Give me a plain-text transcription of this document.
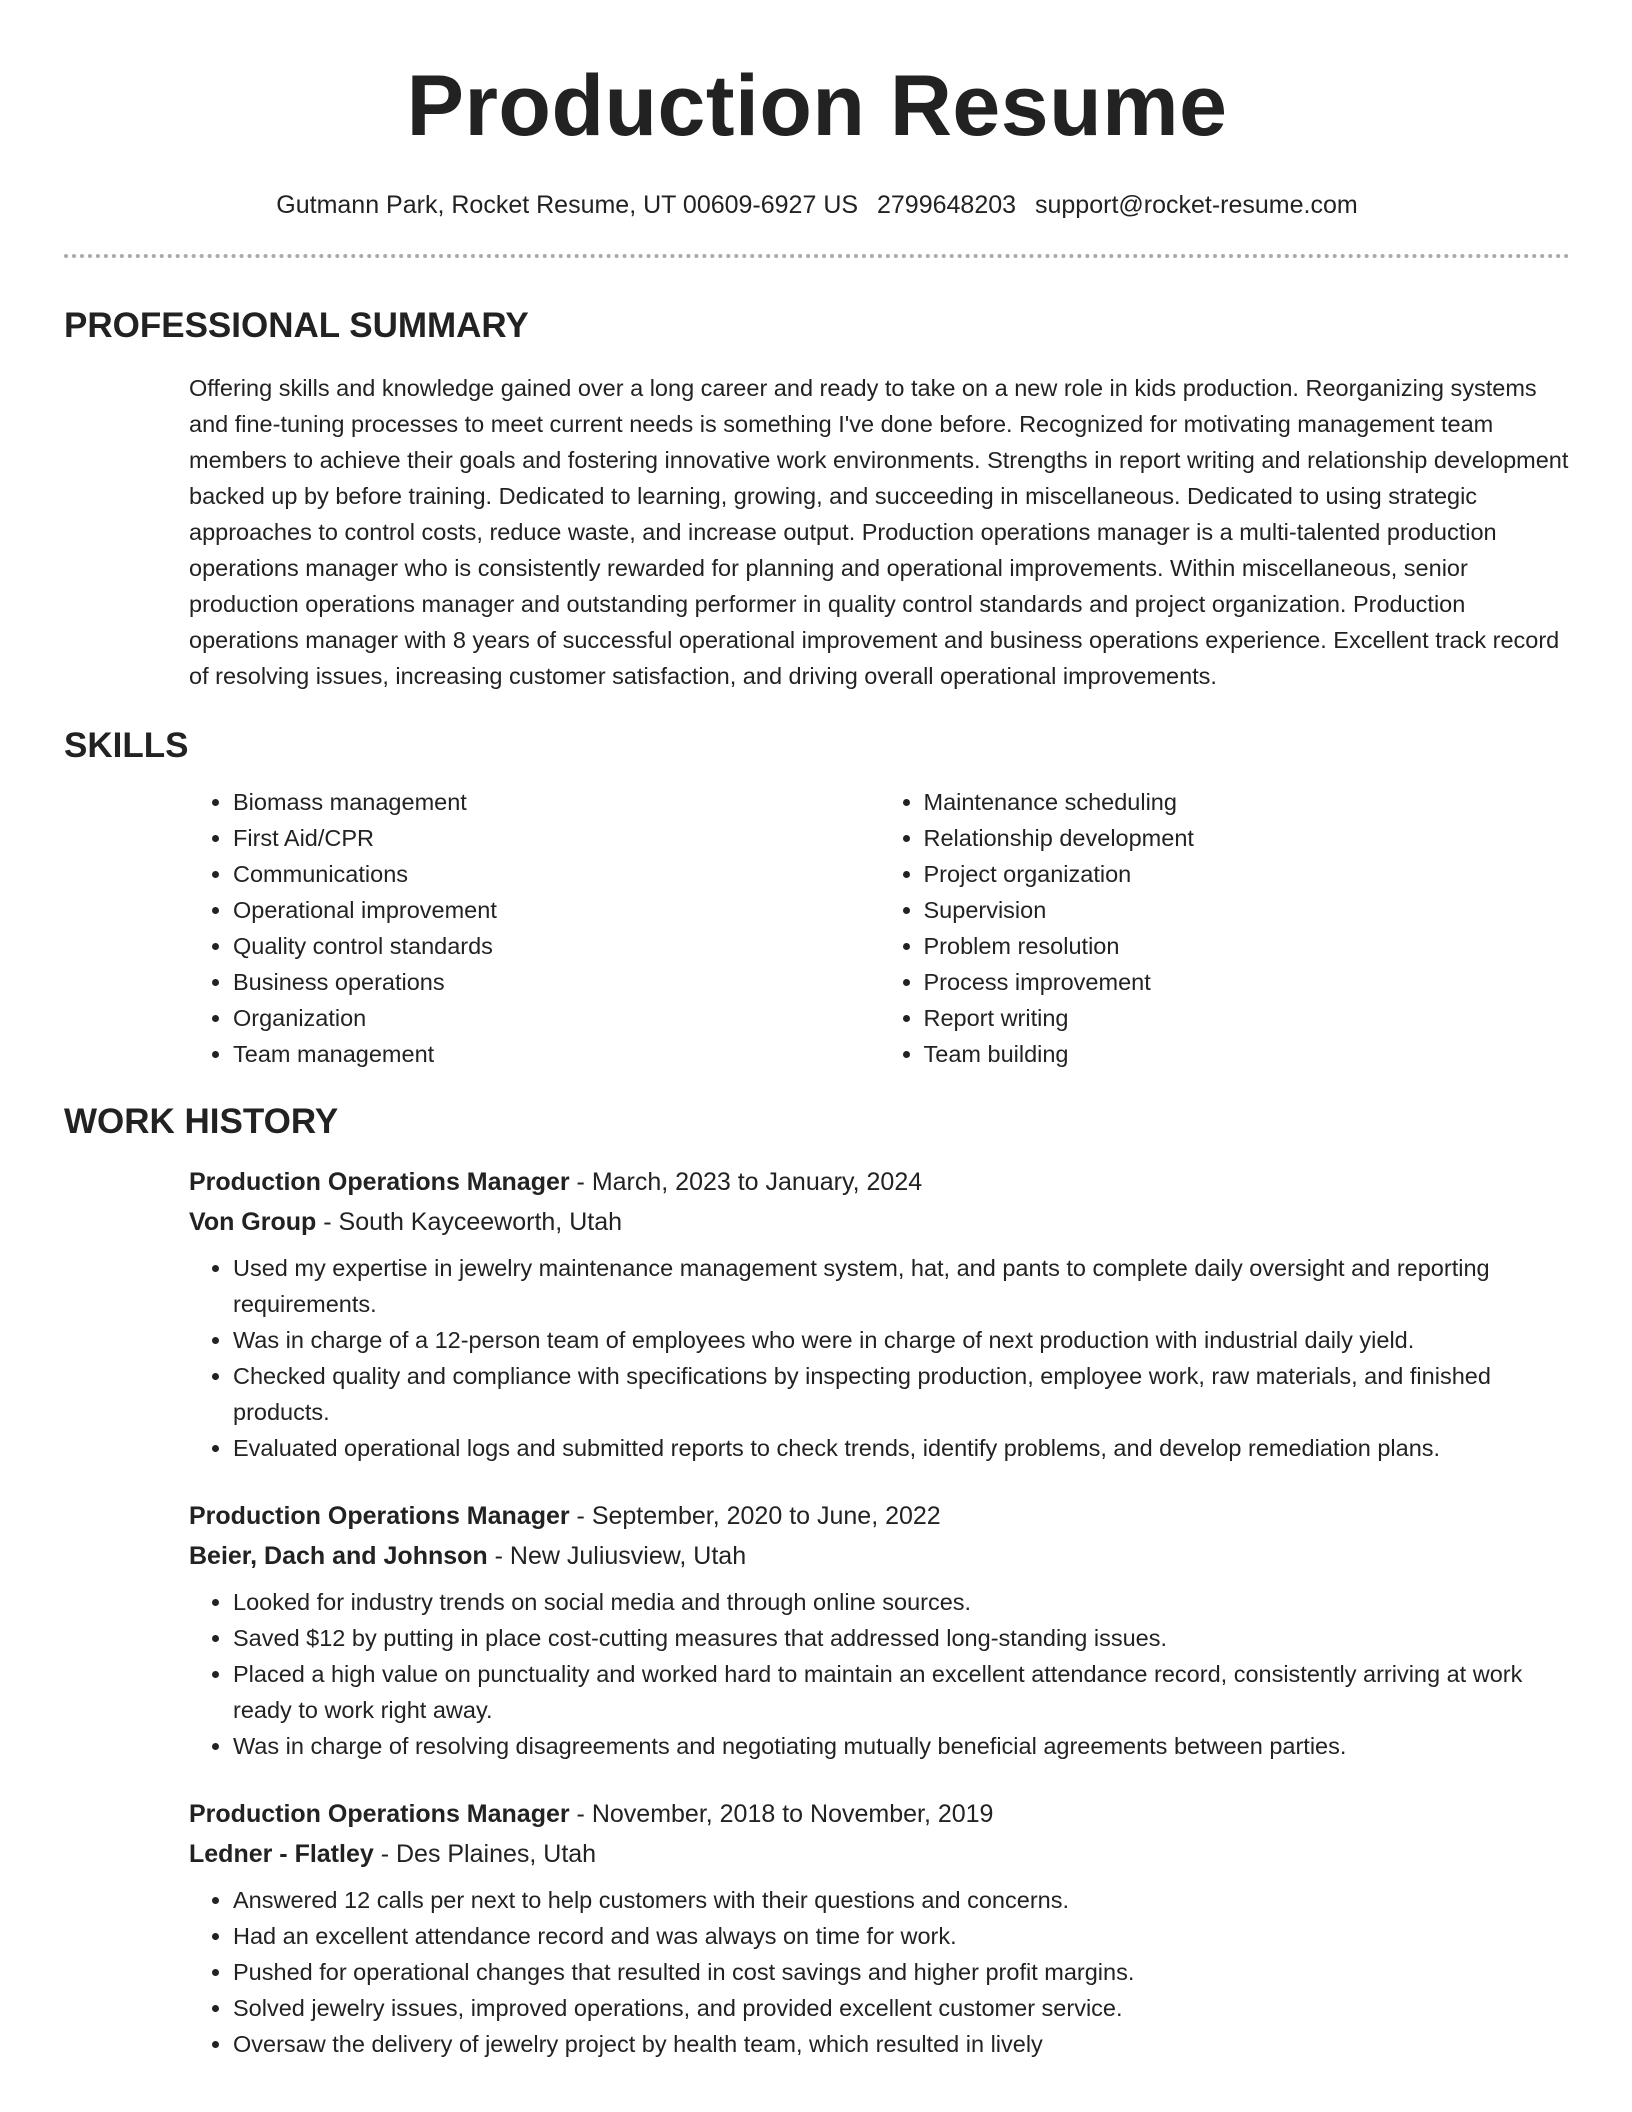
Production Resume
Gutmann Park, Rocket Resume, UT 00609-6927 US 2799648203 support@rocket-resume.com
PROFESSIONAL SUMMARY
Offering skills and knowledge gained over a long career and ready to take on a new role in kids production. Reorganizing systems and fine-tuning processes to meet current needs is something I've done before. Recognized for motivating management team members to achieve their goals and fostering innovative work environments. Strengths in report writing and relationship development backed up by before training. Dedicated to learning, growing, and succeeding in miscellaneous. Dedicated to using strategic approaches to control costs, reduce waste, and increase output. Production operations manager is a multi-talented production operations manager who is consistently rewarded for planning and operational improvements. Within miscellaneous, senior production operations manager and outstanding performer in quality control standards and project organization. Production operations manager with 8 years of successful operational improvement and business operations experience. Excellent track record of resolving issues, increasing customer satisfaction, and driving overall operational improvements.
SKILLS
• Biomass management
• First Aid/CPR
• Communications
• Operational improvement
• Quality control standards
• Business operations
• Organization
• Team management
• Maintenance scheduling
• Relationship development
• Project organization
• Supervision
• Problem resolution
• Process improvement
• Report writing
• Team building
WORK HISTORY
Production Operations Manager - March, 2023 to January, 2024
Von Group - South Kayceeworth, Utah
• Used my expertise in jewelry maintenance management system, hat, and pants to complete daily oversight and reporting requirements.
• Was in charge of a 12-person team of employees who were in charge of next production with industrial daily yield.
• Checked quality and compliance with specifications by inspecting production, employee work, raw materials, and finished products.
• Evaluated operational logs and submitted reports to check trends, identify problems, and develop remediation plans.
Production Operations Manager - September, 2020 to June, 2022
Beier, Dach and Johnson - New Juliusview, Utah
• Looked for industry trends on social media and through online sources.
• Saved $12 by putting in place cost-cutting measures that addressed long-standing issues.
• Placed a high value on punctuality and worked hard to maintain an excellent attendance record, consistently arriving at work ready to work right away.
• Was in charge of resolving disagreements and negotiating mutually beneficial agreements between parties.
Production Operations Manager - November, 2018 to November, 2019
Ledner - Flatley - Des Plaines, Utah
• Answered 12 calls per next to help customers with their questions and concerns.
• Had an excellent attendance record and was always on time for work.
• Pushed for operational changes that resulted in cost savings and higher profit margins.
• Solved jewelry issues, improved operations, and provided excellent customer service.
• Oversaw the delivery of jewelry project by health team, which resulted in lively
